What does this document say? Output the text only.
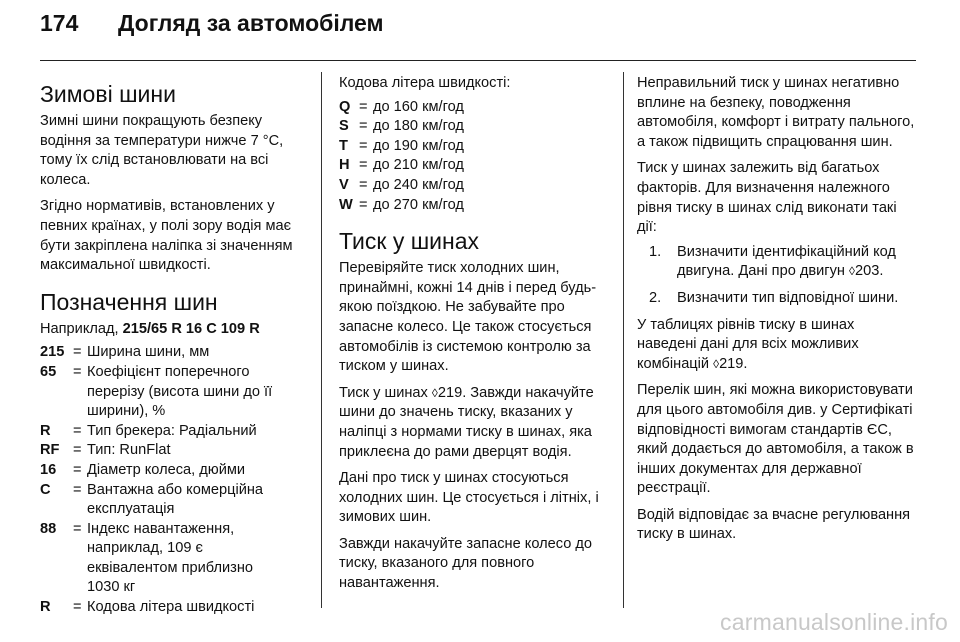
174	Догляд за автомобілем
Зимові шини

Зимні шини покращують безпеку водіння за температури нижче 7 °C, тому їх слід встановлювати на всі колеса.

Згідно нормативів, встановлених у певних країнах, у полі зору водія має бути закріплена наліпка зі значенням максимальної швидкості.

Позначення шин

Наприклад, 215/65 R 16 C 109 R

215 = Ширина шини, мм
65	= Коефіцієнт поперечного
перерізу (висота шини до її
ширини), %
R	= Тип брекера: Радіальний
RF = Тип: RunFlat
16	= Діаметр колеса, дюйми
C	= Вантажна або комерційна
експлуатація
88	= Індекс навантаження,
наприклад, 109 є
еквівалентом приблизно
1030 кг
R	= Кодова літера швидкості

Кодова літера швидкості:

Q = до 160 км/год
S = до 180 км/год
T = до 190 км/год
H = до 210 км/год
V = до 240 км/год
W = до 270 км/год
Тиск у шинах

Перевіряйте тиск холодних шин, принаймні, кожні 14 днів і перед будь-якою поїздкою. Не забувайте про запасне колесо. Це також стосується автомобілів із системою контролю за тиском у шинах.

Тиск у шинах ◊219. Завжди накачуйте шини до значень тиску, вказаних у наліпці з нормами тиску в шинах, яка приклеєна до рами дверцят водія.

Дані про тиск у шинах стосуються холодних шин. Це стосується і літніх, і зимових шин.

Завжди накачуйте запасне колесо до тиску, вказаного для повного навантаження.

Неправильний тиск у шинах негативно вплине на безпеку, поводження автомобіля, комфорт і витрату пального, а також підвищить спрацювання шин.

Тиск у шинах залежить від багатьох факторів. Для визначення належного рівня тиску в шинах слід виконати такі дії:

1.	Визначити ідентифікаційний код двигуна. Дані про двигун ◊203.
2.	Визначити тип відповідної шини.

У таблицях рівнів тиску в шинах наведені дані для всіх можливих комбінацій ◊219.

Перелік шин, які можна використовувати для цього автомобіля див. у Сертифікаті відповідності вимогам стандартів ЄС, який додається до автомобіля, а також в інших документах для державної реєстрації.

Водій відповідає за вчасне регулювання тиску в шинах.

carmanualsonline.info
